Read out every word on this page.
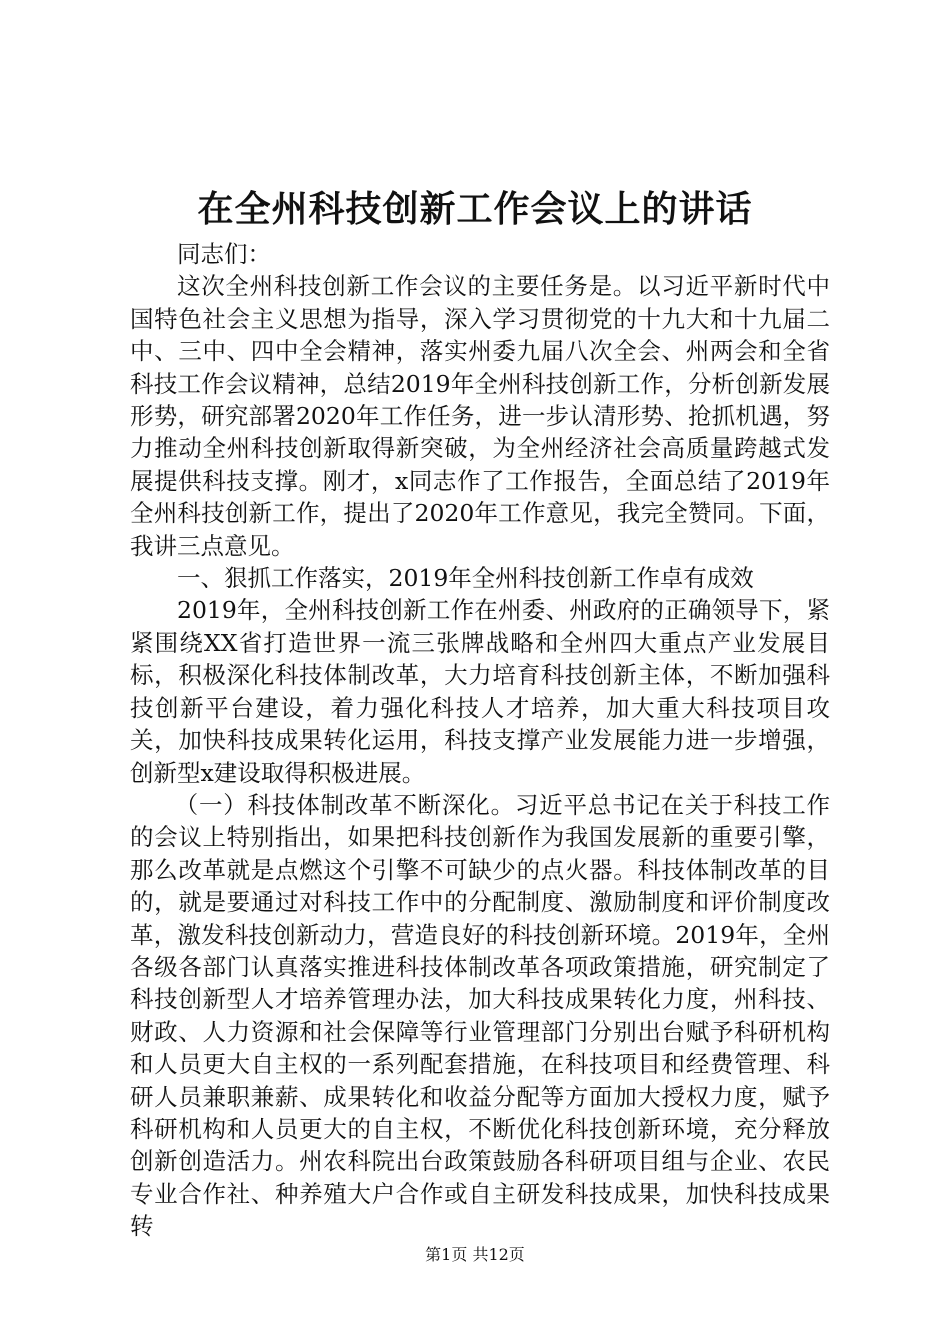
在全州科技创新工作会议上的讲话

同志们：

这次全州科技创新工作会议的主要任务是。以习近平新时代中国特色社会主义思想为指导，深入学习贯彻党的十九大和十九届二中、三中、四中全会精神，落实州委九届八次全会、州两会和全省科技工作会议精神，总结2019年全州科技创新工作，分析创新发展形势，研究部署2020年工作任务，进一步认清形势、抢抓机遇，努力推动全州科技创新取得新突破，为全州经济社会高质量跨越式发展提供科技支撑。刚才，x同志作了工作报告，全面总结了2019年全州科技创新工作，提出了2020年工作意见，我完全赞同。下面，我讲三点意见。

一、狠抓工作落实，2019年全州科技创新工作卓有成效

2019年，全州科技创新工作在州委、州政府的正确领导下，紧紧围绕XX省打造世界一流三张牌战略和全州四大重点产业发展目标，积极深化科技体制改革，大力培育科技创新主体，不断加强科技创新平台建设，着力强化科技人才培养，加大重大科技项目攻关，加快科技成果转化运用，科技支撑产业发展能力进一步增强，创新型x建设取得积极进展。

（一）科技体制改革不断深化。习近平总书记在关于科技工作的会议上特别指出，如果把科技创新作为我国发展新的重要引擎，那么改革就是点燃这个引擎不可缺少的点火器。科技体制改革的目的，就是要通过对科技工作中的分配制度、激励制度和评价制度改革，激发科技创新动力，营造良好的科技创新环境。2019年，全州各级各部门认真落实推进科技体制改革各项政策措施，研究制定了科技创新型人才培养管理办法，加大科技成果转化力度，州科技、财政、人力资源和社会保障等行业管理部门分别出台赋予科研机构和人员更大自主权的一系列配套措施，在科技项目和经费管理、科研人员兼职兼薪、成果转化和收益分配等方面加大授权力度，赋予科研机构和人员更大的自主权，不断优化科技创新环境，充分释放创新创造活力。州农科院出台政策鼓励各科研项目组与企业、农民专业合作社、种养殖大户合作或自主研发科技成果，加快科技成果转

第1页 共12页
